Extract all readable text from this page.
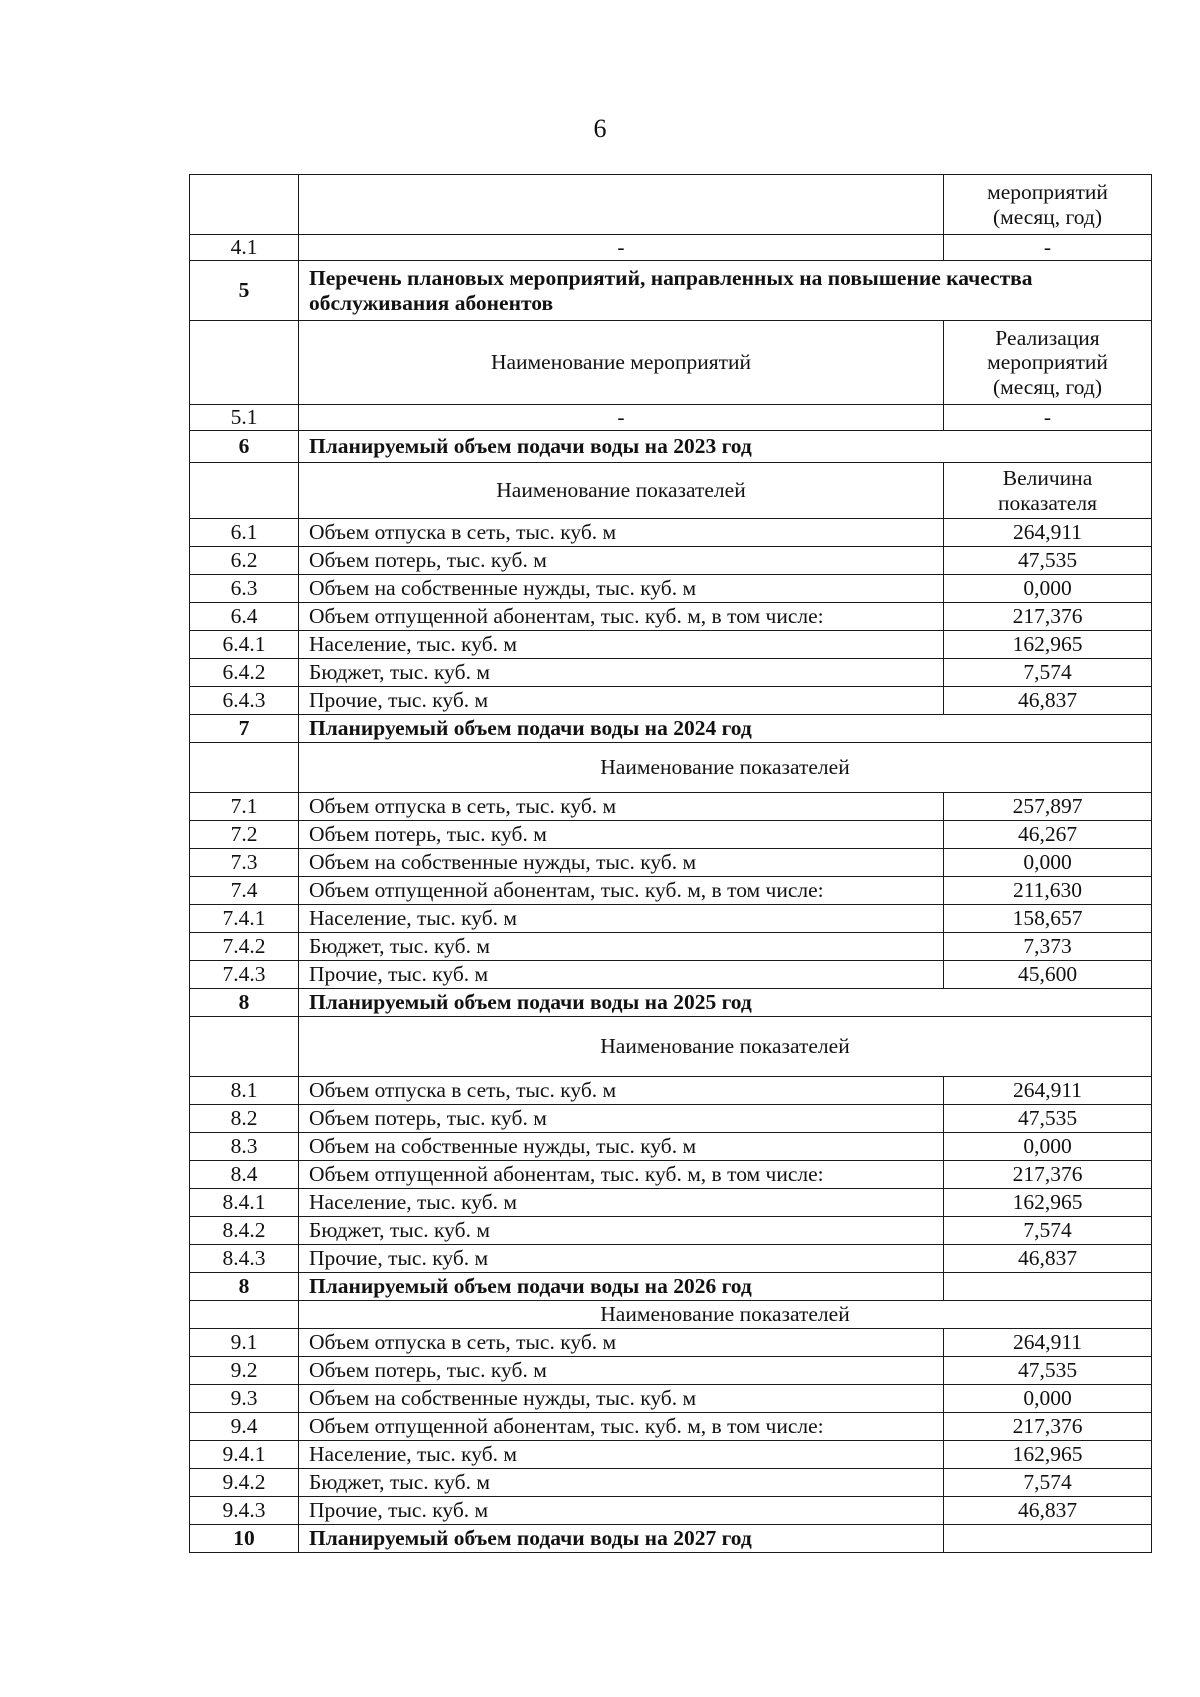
6
		мероприятий
(месяц, год)
4.1	-	-
5	Перечень плановых мероприятий, направленных на повышение качества обслуживания абонентов	
	Наименование мероприятий	Реализация
мероприятий
(месяц, год)
5.1	-	-
6	Планируемый объем подачи воды на 2023 год	
	Наименование показателей	Величина
показателя
6.1	Объем отпуска в сеть, тыс. куб. м	264,911
6.2	Объем потерь, тыс. куб. м	47,535
6.3	Объем на собственные нужды, тыс. куб. м	0,000
6.4	Объем отпущенной абонентам, тыс. куб. м, в том числе:	217,376
6.4.1	Население, тыс. куб. м	162,965
6.4.2	Бюджет, тыс. куб. м	7,574
6.4.3	Прочие, тыс. куб. м	46,837
7	Планируемый объем подачи воды на 2024 год	
	Наименование показателей	
7.1	Объем отпуска в сеть, тыс. куб. м	257,897
7.2	Объем потерь, тыс. куб. м	46,267
7.3	Объем на собственные нужды, тыс. куб. м	0,000
7.4	Объем отпущенной абонентам, тыс. куб. м, в том числе:	211,630
7.4.1	Население, тыс. куб. м	158,657
7.4.2	Бюджет, тыс. куб. м	7,373
7.4.3	Прочие, тыс. куб. м	45,600
8	Планируемый объем подачи воды на 2025 год	
	Наименование показателей	
8.1	Объем отпуска в сеть, тыс. куб. м	264,911
8.2	Объем потерь, тыс. куб. м	47,535
8.3	Объем на собственные нужды, тыс. куб. м	0,000
8.4	Объем отпущенной абонентам, тыс. куб. м, в том числе:	217,376
8.4.1	Население, тыс. куб. м	162,965
8.4.2	Бюджет, тыс. куб. м	7,574
8.4.3	Прочие, тыс. куб. м	46,837
8	Планируемый объем подачи воды на 2026 год	
	Наименование показателей	
9.1	Объем отпуска в сеть, тыс. куб. м	264,911
9.2	Объем потерь, тыс. куб. м	47,535
9.3	Объем на собственные нужды, тыс. куб. м	0,000
9.4	Объем отпущенной абонентам, тыс. куб. м, в том числе:	217,376
9.4.1	Население, тыс. куб. м	162,965
9.4.2	Бюджет, тыс. куб. м	7,574
9.4.3	Прочие, тыс. куб. м	46,837
10	Планируемый объем подачи воды на 2027 год	
